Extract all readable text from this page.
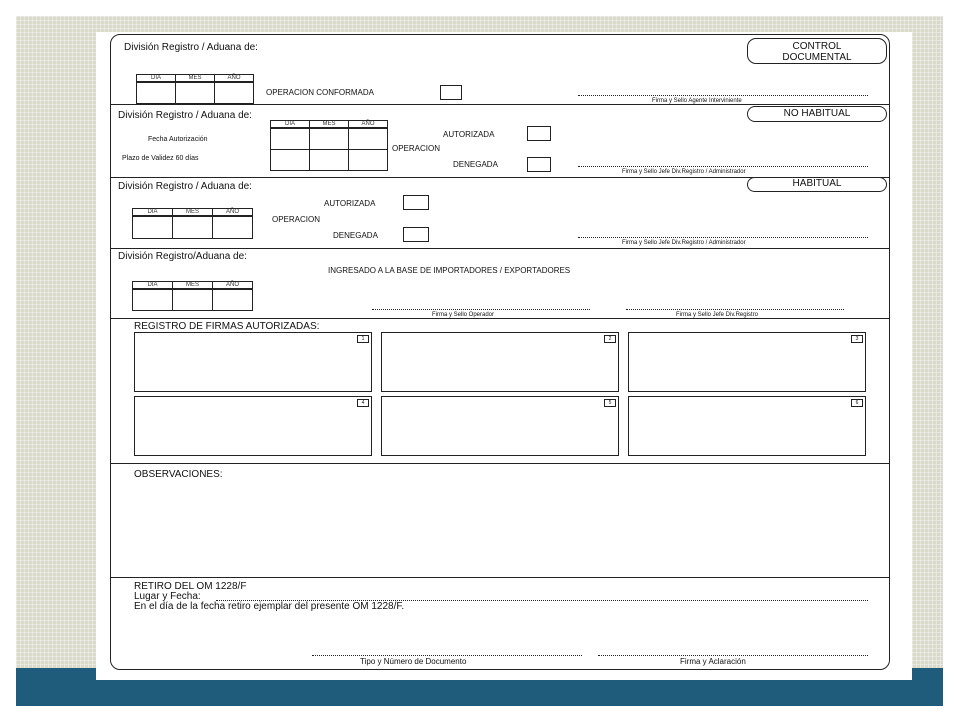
División Registro / Aduana de:	CONTROL
DOCUMENTAL
DIA	MES	AÑO
OPERACION CONFORMADA
Firma y Sello Agente Interviniente
División Registro / Aduana de:	NO HABITUAL
Fecha Autorización
Plazo de Validez 60 días
DIA	MES	AÑO
AUTORIZADA
OPERACION
DENEGADA
Firma y Sello Jefe Div.Registro / Administrador
División Registro / Aduana de:	HABITUAL
AUTORIZADA
DIA	MES	AÑO
OPERACION
DENEGADA
Firma y Sello Jefe Div.Registro / Administrador
División Registro/Aduana de:
INGRESADO A LA BASE DE IMPORTADORES / EXPORTADORES
DIA	MES	AÑO
Firma y Sello Operador	Firma y Sello Jefe Div.Registro
REGISTRO DE FIRMAS AUTORIZADAS:
1	2	3
4	5	6
OBSERVACIONES:
RETIRO DEL OM 1228/F
Lugar y Fecha:
En el día de la fecha retiro ejemplar del presente OM 1228/F.
Tipo y Número de Documento	Firma y Aclaración
